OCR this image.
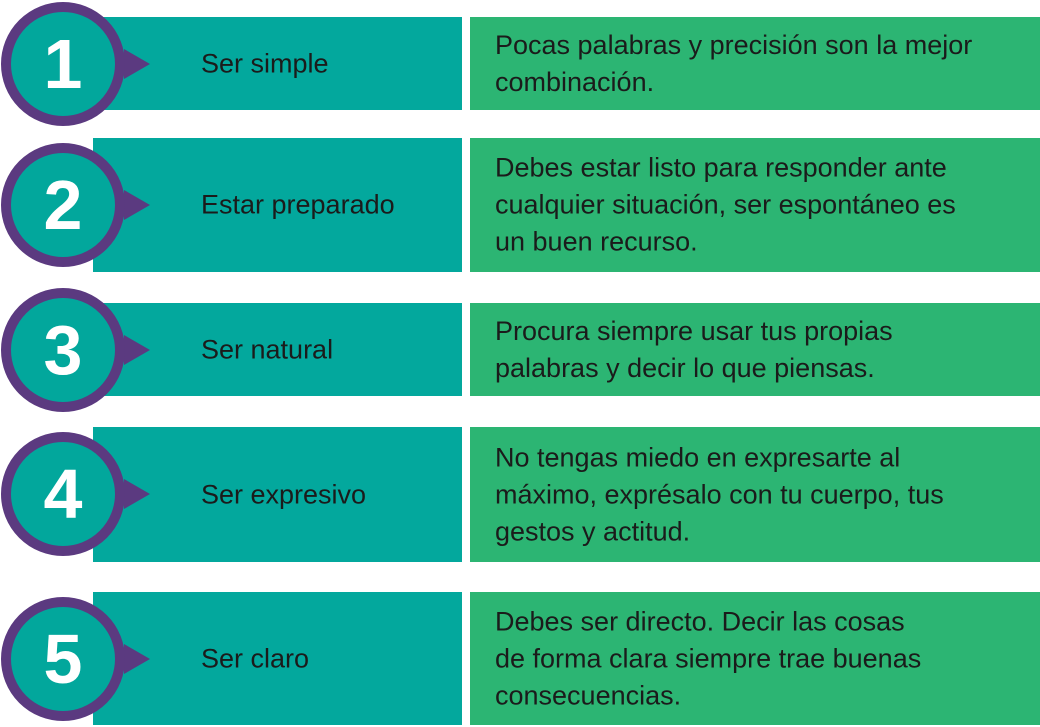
Ser simple
Pocas palabras y precisión son la mejor
combinación.
1
Estar preparado
Debes estar listo para responder ante
cualquier situación, ser espontáneo es
un buen recurso.
2
Ser natural
Procura siempre usar tus propias
palabras y decir lo que piensas.
3
Ser expresivo
No tengas miedo en expresarte al
máximo, exprésalo con tu cuerpo, tus
gestos y actitud.
4
Ser claro
Debes ser directo. Decir las cosas
de forma clara siempre trae buenas
consecuencias.
5
